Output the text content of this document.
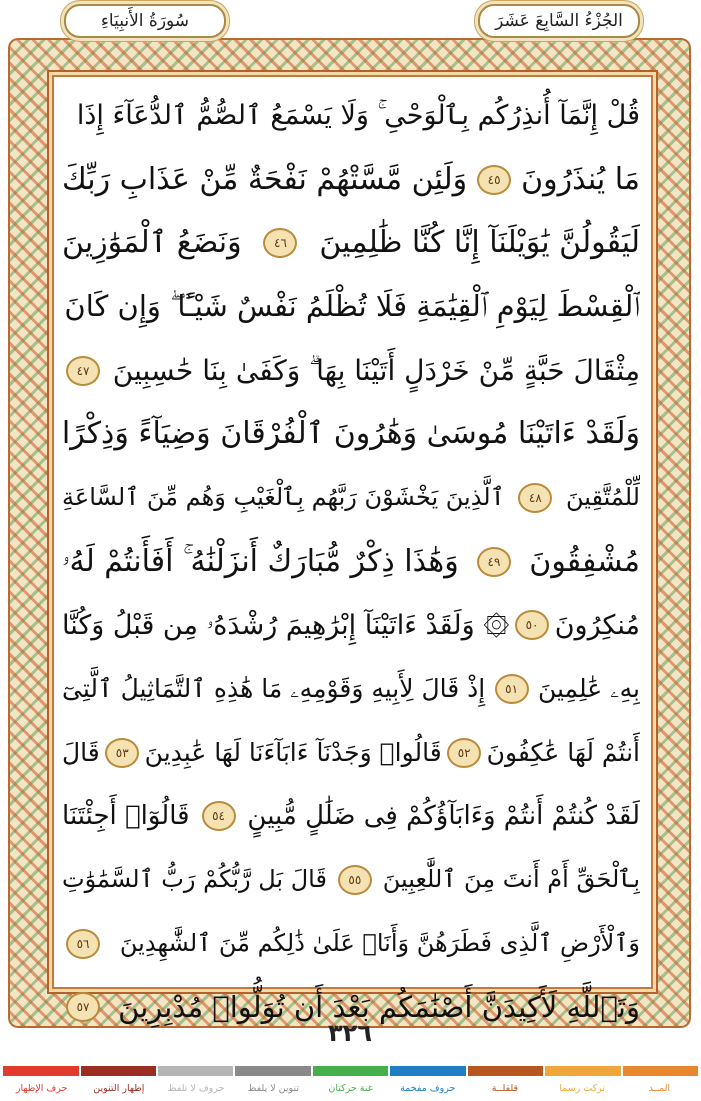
سُورَةُ الأَنبِيَاءِ	الجُزْءُ السَّابِعَ عَشَرَ
قُلْ إِنَّمَآ أُنذِرُكُم بِٱلْوَحْىِ ۚ وَلَا يَسْمَعُ ٱلصُّمُّ ٱلدُّعَآءَ إِذَا
مَا يُنذَرُونَ
٤٥
وَلَئِن مَّسَّتْهُمْ نَفْحَةٌ مِّنْ عَذَابِ رَبِّكَ
لَيَقُولُنَّ يَٰوَيْلَنَآ إِنَّا كُنَّا ظَٰلِمِينَ
٤٦
وَنَضَعُ ٱلْمَوَٰزِينَ
ٱلْقِسْطَ لِيَوْمِ ٱلْقِيَٰمَةِ فَلَا تُظْلَمُ نَفْسٌ شَيْـًٔا ۖ وَإِن كَانَ
مِثْقَالَ حَبَّةٍ مِّنْ خَرْدَلٍ أَتَيْنَا بِهَا ۗ وَكَفَىٰ بِنَا حَٰسِبِينَ
٤٧
وَلَقَدْ ءَاتَيْنَا مُوسَىٰ وَهَٰرُونَ ٱلْفُرْقَانَ وَضِيَآءً وَذِكْرًا
لِّلْمُتَّقِينَ
٤٨
ٱلَّذِينَ يَخْشَوْنَ رَبَّهُم بِٱلْغَيْبِ وَهُم مِّنَ ٱلسَّاعَةِ
مُشْفِقُونَ
٤٩
وَهَٰذَا ذِكْرٌ مُّبَارَكٌ أَنزَلْنَٰهُ ۚ أَفَأَنتُمْ لَهُۥ
مُنكِرُونَ
٥٠
۞ وَلَقَدْ ءَاتَيْنَآ إِبْرَٰهِيمَ رُشْدَهُۥ مِن قَبْلُ وَكُنَّا
بِهِۦ عَٰلِمِينَ
٥١
إِذْ قَالَ لِأَبِيهِ وَقَوْمِهِۦ مَا هَٰذِهِ ٱلتَّمَاثِيلُ ٱلَّتِىٓ
أَنتُمْ لَهَا عَٰكِفُونَ
٥٢
قَالُوا۟ وَجَدْنَآ ءَابَآءَنَا لَهَا عَٰبِدِينَ
٥٣
قَالَ
لَقَدْ كُنتُمْ أَنتُمْ وَءَابَآؤُكُمْ فِى ضَلَٰلٍ مُّبِينٍ
٥٤
قَالُوٓا۟ أَجِئْتَنَا
بِٱلْحَقِّ أَمْ أَنتَ مِنَ ٱللَّٰعِبِينَ
٥٥
قَالَ بَل رَّبُّكُمْ رَبُّ ٱلسَّمَٰوَٰتِ
وَٱلْأَرْضِ ٱلَّذِى فَطَرَهُنَّ وَأَنَا۠ عَلَىٰ ذَٰلِكُم مِّنَ ٱلشَّٰهِدِينَ
٥٦
وَتَٱللَّهِ لَأَكِيدَنَّ أَصْنَٰمَكُم بَعْدَ أَن تُوَلُّوا۟ مُدْبِرِينَ
٥٧
٣٢٦
المــد
تركت رسما
قلقلــة
حروف مفخمة
غنة حركتان
تنوين لا يلفظ
حروف لا تلفظ
إظهار التنوين
حرف الإظهار
